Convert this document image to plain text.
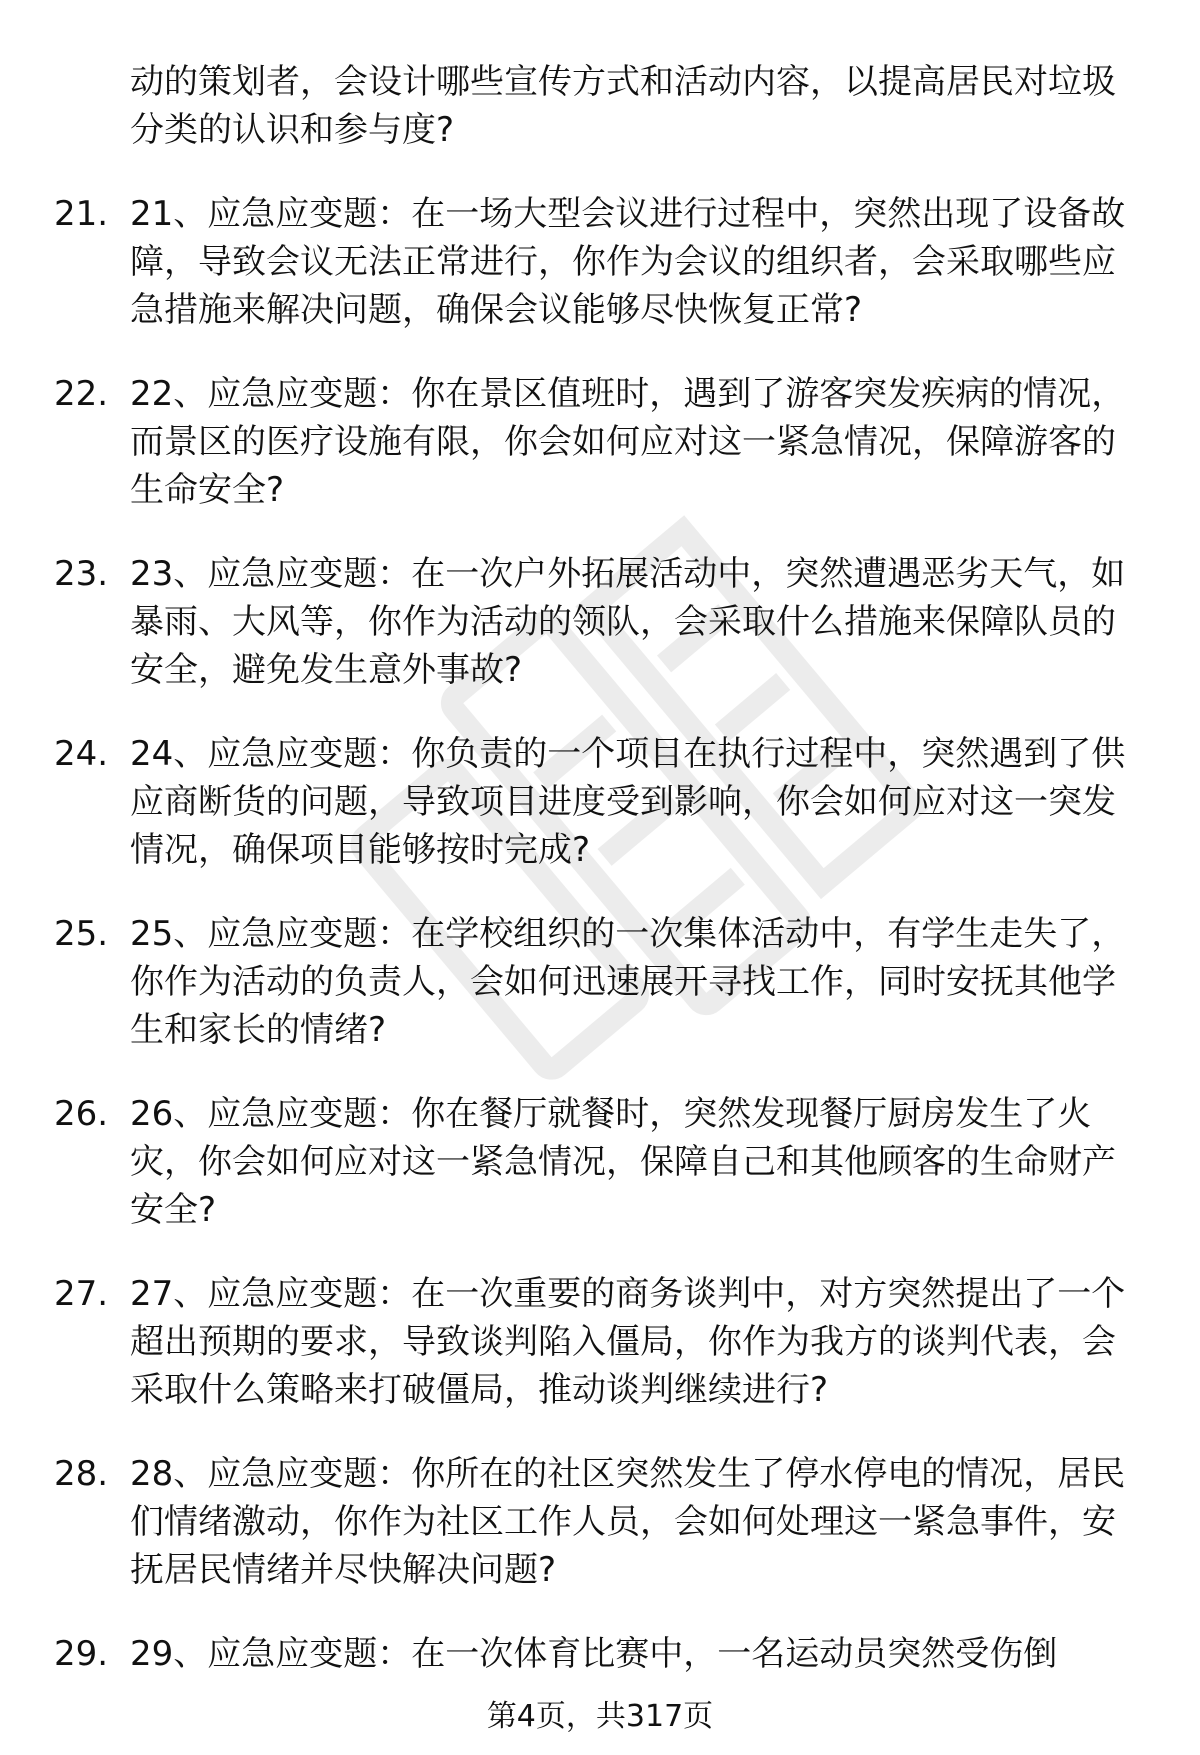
动的策划者，会设计哪些宣传方式和活动内容，以提高居民对垃圾分类的认识和参与度?
21. 21、应急应变题：在一场大型会议进行过程中，突然出现了设备故障，导致会议无法正常进行，你作为会议的组织者，会采取哪些应急措施来解决问题，确保会议能够尽快恢复正常?
22. 22、应急应变题：你在景区值班时，遇到了游客突发疾病的情况，而景区的医疗设施有限，你会如何应对这一紧急情况，保障游客的生命安全?
23. 23、应急应变题：在一次户外拓展活动中，突然遭遇恶劣天气，如暴雨、大风等，你作为活动的领队，会采取什么措施来保障队员的安全，避免发生意外事故?
24. 24、应急应变题：你负责的一个项目在执行过程中，突然遇到了供应商断货的问题，导致项目进度受到影响，你会如何应对这一突发情况，确保项目能够按时完成?
25. 25、应急应变题：在学校组织的一次集体活动中，有学生走失了，你作为活动的负责人，会如何迅速展开寻找工作，同时安抚其他学生和家长的情绪?
26. 26、应急应变题：你在餐厅就餐时，突然发现餐厅厨房发生了火灾，你会如何应对这一紧急情况，保障自己和其他顾客的生命财产安全?
27. 27、应急应变题：在一次重要的商务谈判中，对方突然提出了一个超出预期的要求，导致谈判陷入僵局，你作为我方的谈判代表，会采取什么策略来打破僵局，推动谈判继续进行?
28. 28、应急应变题：你所在的社区突然发生了停水停电的情况，居民们情绪激动，你作为社区工作人员，会如何处理这一紧急事件，安抚居民情绪并尽快解决问题?
29. 29、应急应变题：在一次体育比赛中，一名运动员突然受伤倒
第4页，共317页
